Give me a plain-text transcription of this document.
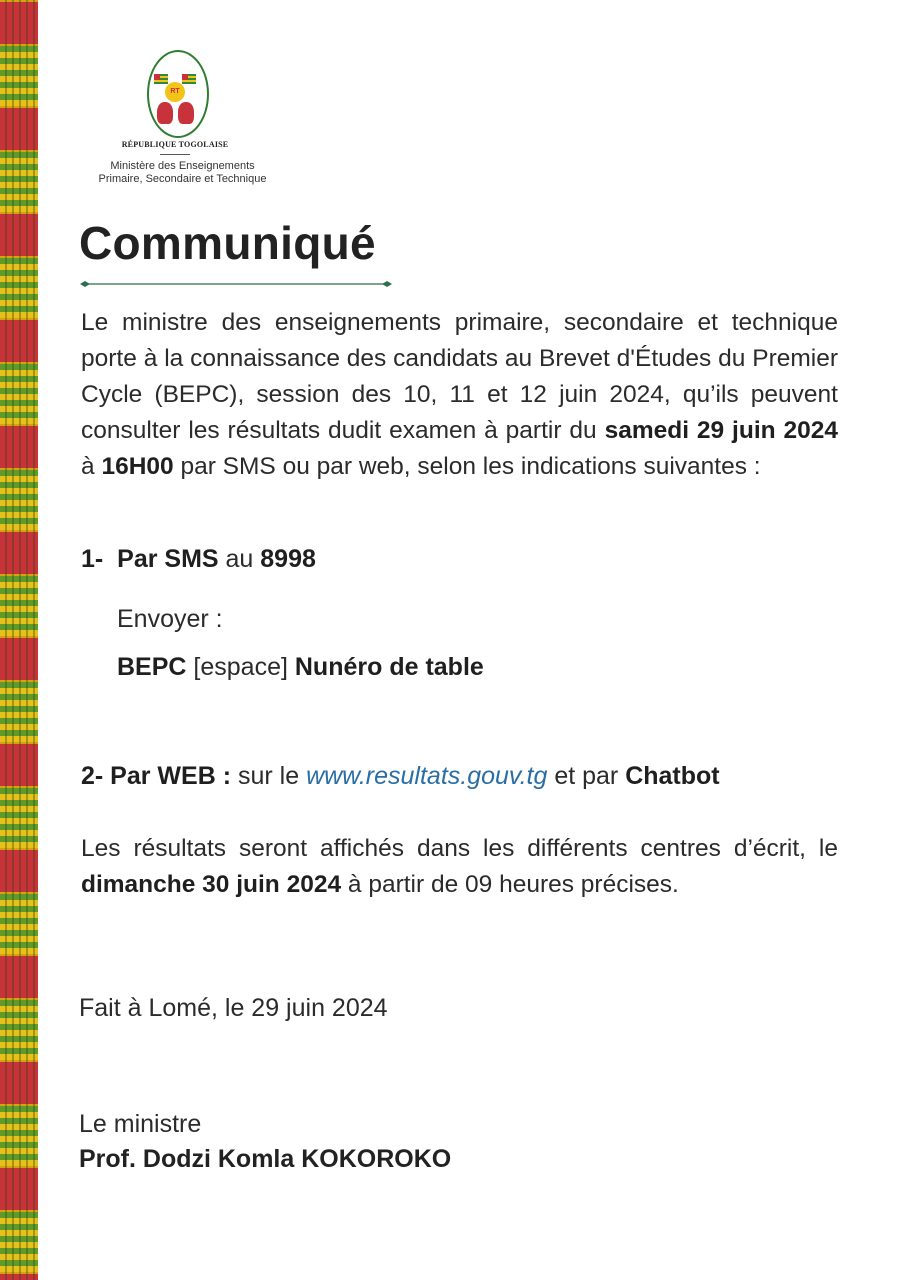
RT
RÉPUBLIQUE TOGOLAISE
Ministère des Enseignements
Primaire, Secondaire et Technique
Communiqué

Le ministre des enseignements primaire, secondaire et technique porte à la connaissance des candidats au Brevet d'Études du Premier Cycle (BEPC), session des 10, 11 et 12 juin 2024, qu’ils peuvent consulter les résultats dudit examen à partir du samedi 29 juin 2024 à 16H00 par SMS ou par web, selon les indications suivantes :

1- Par SMS au 8998
Envoyer :
BEPC [espace] Nunéro de table
2- Par WEB : sur le www.resultats.gouv.tg et par Chatbot

Les résultats seront affichés dans les différents centres d’écrit, le dimanche 30 juin 2024 à partir de 09 heures précises.

Fait à Lomé, le 29 juin 2024
Le ministre
Prof. Dodzi Komla KOKOROKO
